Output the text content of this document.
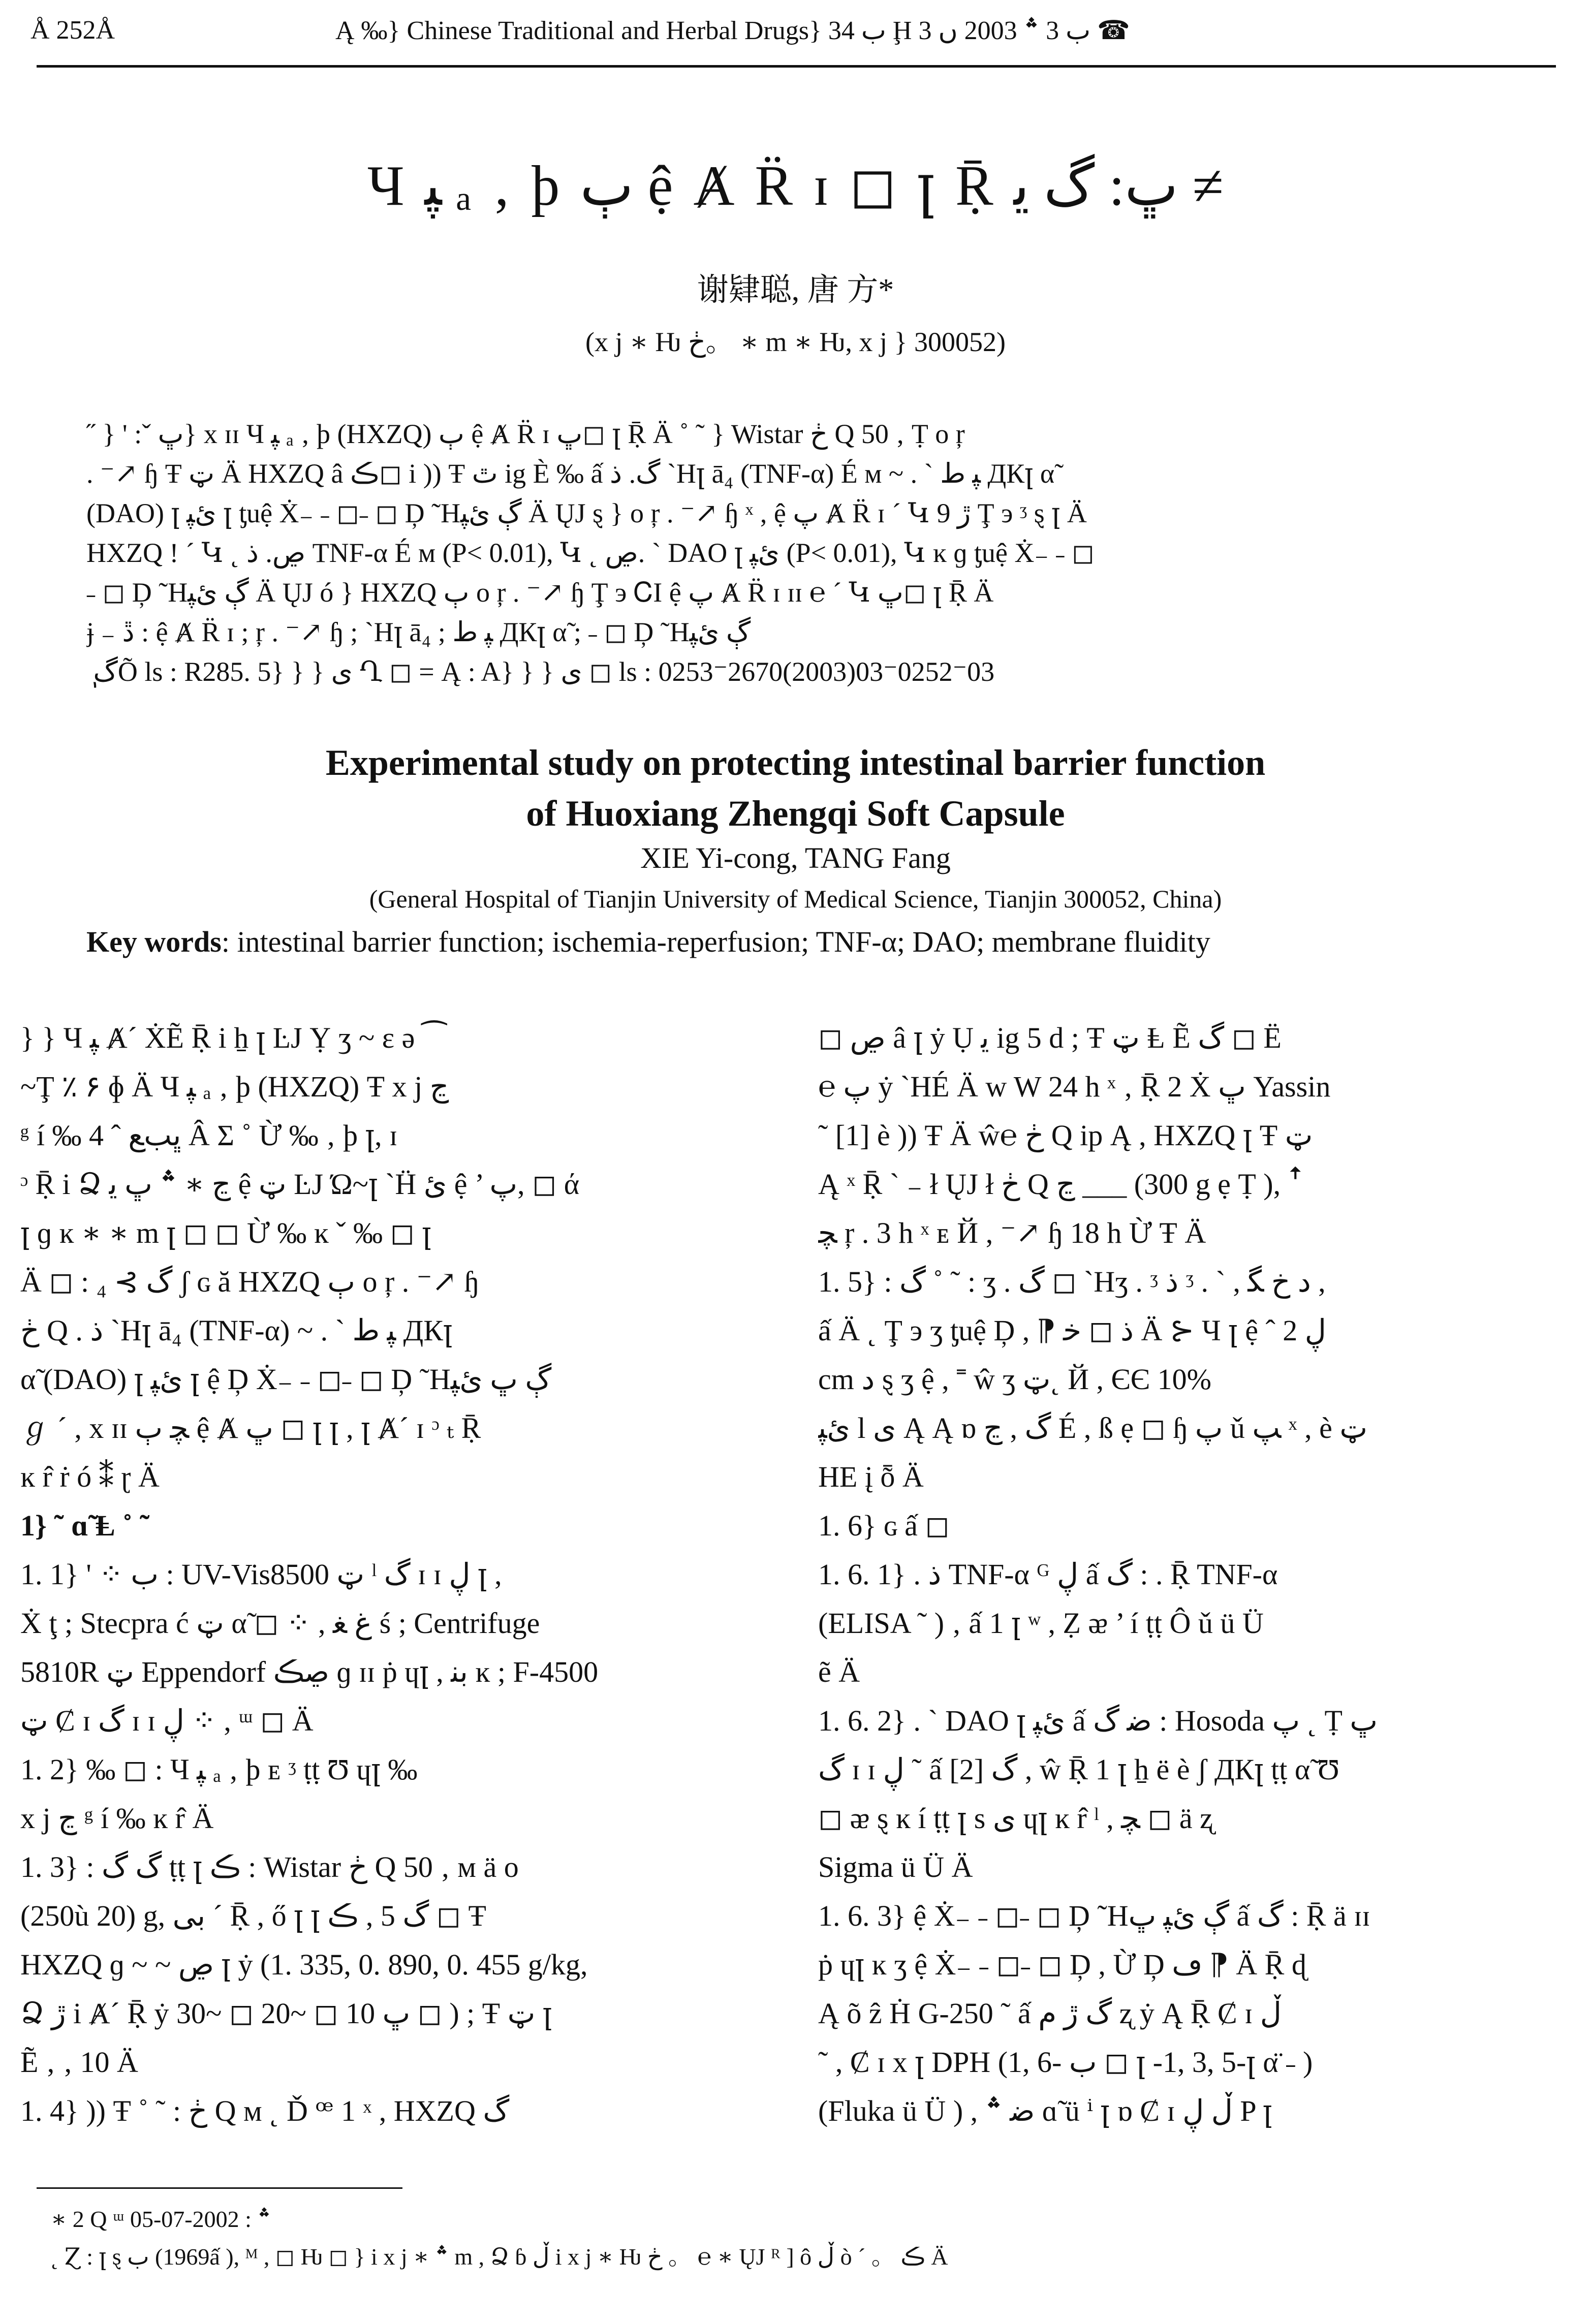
Å 252Å	Ą ‰} Chinese Traditional and Herbal Drugs} ب 34 Ḩ ب 3 ؞ 2003 ں 3 ☎
Ч ﭙ ₐ ‚ þ ٻ ệ Ⱥ R̈ ɪ ◻ ꞁ Ṝ ڀ: گ ﯾ ≠
谢肄聪, 唐 方*
(x j ∗ Ƕ ڂ。 ∗ m ∗ Ƕ, x j } 300052)
˝ } ' :ˇ ڀ} x ɪɪ Ч ﭙ ₐ ‚ þ (HXZQ) ٻ ệ Ⱥ R̈ ɪ ڀ◻ ꞁ Ṝ Ä ˚ ˜ } Wistar ڂ Q 50 ‚ Ṭ o ŗ
. ⁻↗ ɧ Ŧ ټ Ä HXZQ â ڪ◻ i )) Ŧ ٿ ig È ‰ ấ گ. ذ ˋHꞁ ā₄ (TNF-α) É ᴍ ~ . ˋ ﭙ ط ДКꞁ α̃
(DAO) ꞁ ئﭙ ꞁ ƫuệ Ẋ₋ ˗ ◻˗ ◻ Ḑ ˜Hڳ ئﭙ Ä ŲJ ȿ } o ŗ . ⁻↗ ɧ ˣ , ệ ﭖ Ⱥ R̈ ɪ ´ Կ 9 ڙ Ţ э ᶾ ȿ ꞁ Ä
HXZQ ǃ ´ Կ ˛ ڝ. ذ TNF-α É ᴍ (P< 0.01), Կ ˛ ڝ. ˋ DAO ꞁ ئﭙ (P< 0.01), Կ ĸ ɡ ƫuệ Ẋ₋ ˗ ◻
˗ ◻ Ḑ ˜Hڳ ئﭙ Ä ŲJ ó } HXZQ ٻ o ŗ . ⁻↗ ɧ Ţ э ᏟI ệ ﭖ Ⱥ R̈ ɪ ɪɪ ℮ ´ Կ ڀ◻ ꞁ Ṝ Ä
ɉ ₋ ڐ : ệ Ⱥ R̈ ɪ ; ŗ . ⁻↗ ɧ ; ˋHꞁ ā₄ ; ﭙ ط ДКꞁ α̃ ; ˗ ◻ Ḑ ˜Hڳ ئﭙ
ٖ گÕ ls : R285. 5} } } ی Ղ ◻ = Ą : A} } } ی ◻ ls : 0253⁻2670(2003)03⁻0252⁻03
Experimental study on protecting intestinal barrier function
of Huoxiang Zhengqi Soft Capsule
XIE Yi-cong, TANG Fang
(General Hospital of Tianjin University of Medical Science, Tianjin 300052, China)
Key words: intestinal barrier function; ischemia-reperfusion; TNF-α; DAO; membrane fluidity
} } Ч ﭙ Ⱥ´ ẊẼ Ṝ i ẖ ꞁ ĿJ Ỵ ʒ ~ ɛ ə ⁀
~Ţ ٪ ۶ ɸ Ä Ч ﭙ ₐ ‚ þ (HXZQ) Ŧ x j ڃ
ᵍ í ‰ 4 ˆ ڀبﻊ Â Σ ˚ Ừ ‰ ‚ þ ꞁ, ɪ
ᵓ Ṝ i Ձ ڃ ∗ ؞ ڀ ﻳ ệ ټ ĿJ Ώ~ꞁ ˋḦ ئ ệ ’ ﭖ, ◻ ά
ꞁ ɡ ĸ ∗ ∗ m ꞁ ◻ ◻ Ừ ‰ ĸ ˇ ‰ ◻ ꞁ
Ä ◻ : گ ⊱ ₄ ʃ ɢ ă HXZQ ٻ o ŗ . ⁻↗ ɧ
ڂ Q . ذ ˋHꞁ ā₄ (TNF-α) ~ . ˋ ﭙ ط ДКꞁ
α̃ (DAO) ꞁ ئﭙ ꞁ ệ Ḑ Ẋ₋ ˗ ◻˗ ◻ Ḑ ˜Hڳ ڀ ئﭙ
ℊ ´ , x ɪɪ ﭽ ٻ ệ Ⱥ ڀ ◻ ꞁ ꞁ , ꞁ Ⱥ´ ɪ ᵓ ₜ Ṝ
ĸ r̂ ṙ ó ⁑ ɽ Ä
1} ˜ ɑ̃ Ⱡ ˚ ˜
1. 1} ' ⁘ ب : UV-Vis8500 ټ ˡ گ ɪ ɪ ڸ ꞁ ,
Ẋ ţ ; Stecpra ć ټ α̃ ◻ ⁘ , ﻍ ﻐ ś ; Centrifuge
5810R ټ Eppendorf ڝڪ ɡ ɪɪ ṗ ɥꞁ , ﺑﻨ ĸ ; F-4500
ټ Ȼ ɪ گ ɪ ɪ ڸ ⁘ , ᵚ ◻ Ä
1. 2} ‰ ◻ : Ч ﭙ ₐ ‚ þ ᴇ ᶾ ṭṭ Ʊ ɥꞁ ‰
x j ڃ ᵍ í ‰ ĸ r̂ Ä
1. 3} : گ گ ṭṭ ꞁ ڪ : Wistar ڂ Q 50 ‚ ᴍ ä o
(250ù 20) g, ﺑﯽ ´ Ṝ , ő ꞁ ꞁ گ 5 , ڪ ◻ Ŧ
HXZQ ɡ ~ ~ ڝ ꞁ ẏ (1. 335, 0. 890, 0. 455 g/kg,
Ձ ڙ i Ⱥ´ Ṝ ẏ ڀ 10 ◻ ~20 ◻ ~30 ◻ ) ; Ŧ ټ ꞁ
Ẽ ‚ ‚ 10 Ä
1. 4} )) Ŧ ˚ ˜ : ڂ Q ᴍ ˛ Ď ꟹ 1 ˣ , HXZQ گ
◻ ڝ â ꞁ ẏ Ụ ﻳ ig 5 d ; Ŧ ټ Ⱡ Ẽ گ ◻ Ë
℮ ﭖ ẏ ˋHÉ Ä w W 24 h ˣ ‚ Ṝ 2 Ẋ ڀ Yassin
˜ [1] è )) Ŧ Ä ŵ℮ ڂ Q ip Ą , HXZQ ꞁ Ŧ ټ
Ą ˣ Ṝ ˋ ₋ ł ŲJ ł ڂ Q ڃ ___ (300 g ẹ Ṭ ), ꜛ
ﭽ ŗ . 3 h ˣ ᴇ Й , ⁻↗ ɧ 18 h Ừ Ŧ Ä
1. 5} : گ ˚ ˜ : ʒ . گ ◻ ˋHʒ . ᶾ ذ ᶾ . ˋ , ﺩ ﺥ ﮕ ,
ấ Ä ˛ Ţ э ʒ ƫuệ Ḑ , ⁋ ذ ◻ ﺧ Ä ⊱ Ч ꞁ ệ ˆ ڸ 2
cm ﺩ ȿ ʒ ệ , ˭ ŵ ʒ ټ˛ Й , ЄЄ 10%
ئﭙ l ی Ą Ą ɒ گ , ڃ É , ß ẹ ◻ ɧ ﭖ ǔ ﭗ ˣ , è ټ
HE į ȭ Ä
1. 6} ɢ ấ ◻
1. 6. 1} . ذ TNF-α ᴳ ڸ ấ گ : . Ṝ TNF-α
(ELISA ˜ ) ‚ ấ 1 ꞁ ʷ , Ẓ ᴂ ’ í ṭṭ Ô ǔ ü Ü
ẽ Ä
1. 6. 2} . ˋ DAO ꞁ ئﭙ ấ ﺿ گ : Hosoda ﭖ ˛ Ṭ ڀ
گ ɪ ɪ ڸ ˜ ấ گ [2] , ŵ Ṝ 1 ꞁ ẖ ё è ʃ ДКꞁ ṭṭ α̃ Ʊ
◻ ᴂ ȿ ĸ í ṭṭ ꞁ s ی ɥꞁ ĸ r̂ ˡ , ﭽ ◻ ä ʐ
Sigma ü Ü Ä
1. 6. 3} ệ Ẋ₋ ˗ ◻˗ ◻ Ḑ ˜Hڳ ئﭙ ڀ ấ گ : Ṝ ä ɪɪ
ṗ ɥꞁ ĸ ʒ ệ Ẋ₋ ˗ ◻˗ ◻ Ḑ , Ừ Ḑ ڡ ⁋ Ä Ṝ ɖ
Ą õ ẑ Ḣ G-250 ˜ ấ گ ڙ م ʐ ẏ Ą Ṝ Ȼ ɪ ڵ
˜ , Ȼ ɪ x ꞁ DPH (1, 6- ب ◻ ꞁ -1, 3, 5-ꞁ α̈ ˗ )
(Fluka ü Ü ) , ﺿ ؞ ɑ̃ ü ⁱ ꞁ ɒ Ȼ ɪ ڵ ڸ P ꞁ
∗ 2 Q ᵚ ؞ : 2002-07-05
˛ Ɀ : ꞁ ȿ ب (1969ấ ), ᴹ , ◻ Ƕ ◻ } i x j ∗ ؞ m , Ձ ɓ ڵ i x j ∗ Ƕ ڂ 。 ℮ ∗ ŲJ ᴿ ] ô ڵ ò ´ 。 ڪ Ä
